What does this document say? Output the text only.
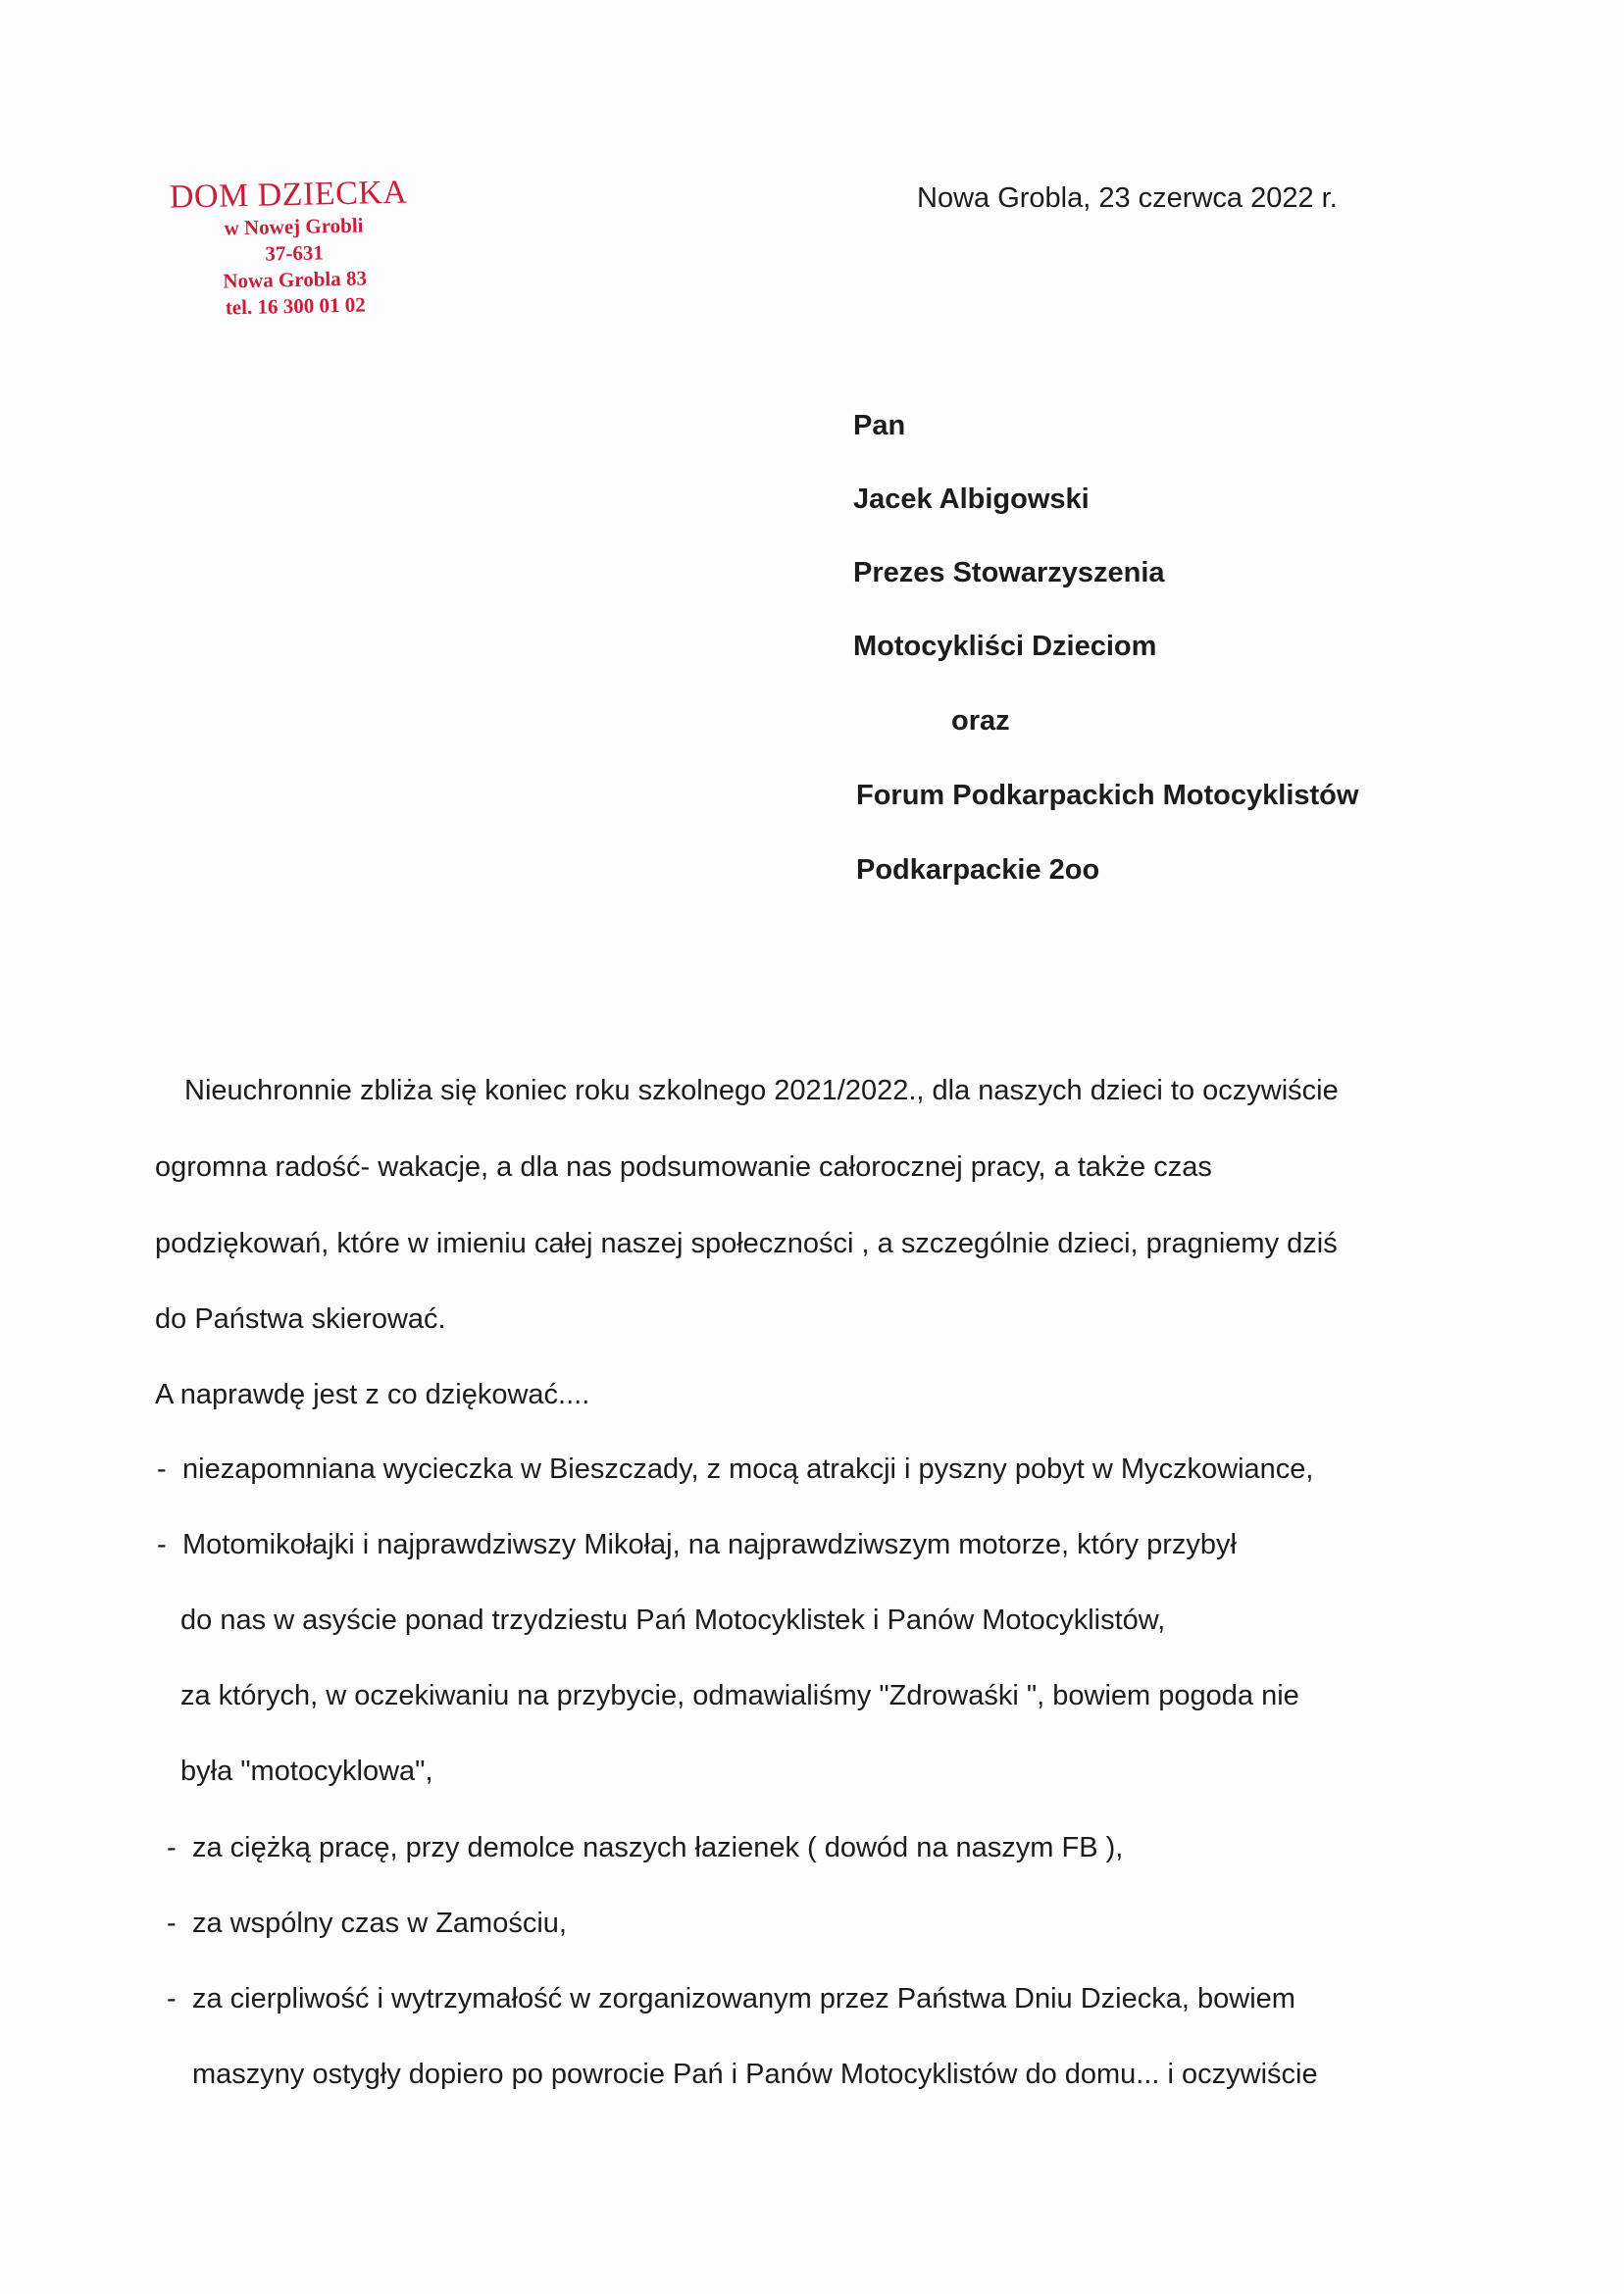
DOM DZIECKA
w Nowej Grobli
37-631
Nowa Grobla 83
tel. 16 300 01 02
Nowa Grobla, 23 czerwca 2022 r.
Pan
Jacek Albigowski
Prezes Stowarzyszenia
Motocykliści Dzieciom
oraz
Forum Podkarpackich Motocyklistów
Podkarpackie 2oo
Nieuchronnie zbliża się koniec roku szkolnego 2021/2022., dla naszych dzieci to oczywiście
ogromna radość- wakacje, a dla nas podsumowanie całorocznej pracy, a także czas
podziękowań, które w imieniu całej naszej społeczności , a szczególnie dzieci, pragniemy dziś
do Państwa skierować.
A naprawdę jest z co dziękować....
- niezapomniana wycieczka w Bieszczady, z mocą atrakcji i pyszny pobyt w Myczkowiance,
- Motomikołajki i najprawdziwszy Mikołaj, na najprawdziwszym motorze, który przybył
do nas w asyście ponad trzydziestu Pań Motocyklistek i Panów Motocyklistów,
za których, w oczekiwaniu na przybycie, odmawialiśmy "Zdrowaśki ", bowiem pogoda nie
była "motocyklowa",
- za ciężką pracę, przy demolce naszych łazienek ( dowód na naszym FB ),
- za wspólny czas w Zamościu,
- za cierpliwość i wytrzymałość w zorganizowanym przez Państwa Dniu Dziecka, bowiem
maszyny ostygły dopiero po powrocie Pań i Panów Motocyklistów do domu... i oczywiście
